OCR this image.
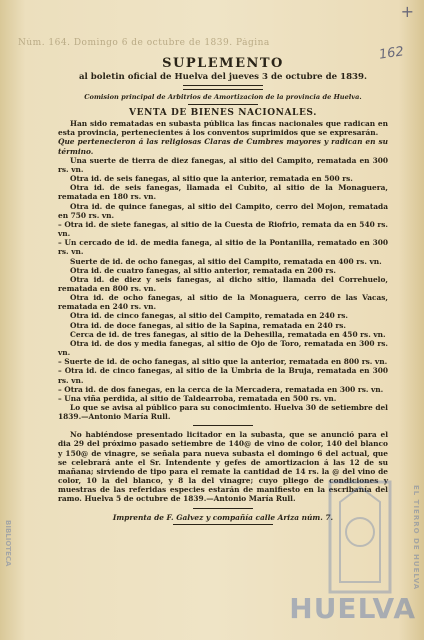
Núm. 164. Domingo 6 de octubre de 1839. Página
+
162
SUPLEMENTO
al boletin oficial de Huelva del jueves 3 de octubre de 1839.
Comision principal de Arbitrios de Amortizacion de la provincia de Huelva.
VENTA DE BIENES NACIONALES.
Han sido rematadas en subasta pública las fincas nacionales que radican en esta provincia, pertenecientes á los conventos suprimidos que se expresarán.
Que pertenecieron á las religiosas Claras de Cumbres mayores y radican en su término.
Una suerte de tierra de diez fanegas, al sitio del Campito, rematada en 300 rs. vn.
Otra id. de seis fanegas, al sitio que la anterior, rematada en 500 rs.
Otra id. de seis fanegas, llamada el Cubito, al sitio de la Monaguera, rematada en 180 rs. vn.
Otra id. de quince fanegas, al sitio del Campito, cerro del Mojon, rematada en 750 rs. vn.
– Otra id. de siete fanegas, al sitio de la Cuesta de Riofrio, remata da en 540 rs. vn.
– Un cercado de id. de media fanega, al sitio de la Pontanilla, rematado en 300 rs. vn.
Suerte de id. de ocho fanegas, al sitio del Campito, rematada en 400 rs. vn.
Otra id. de cuatro fanegas, al sitio anterior, rematada en 200 rs.
Otra id. de diez y seis fanegas, al dicho sitio, llamada del Correhuelo, rematada en 800 rs. vn.
Otra id. de ocho fanegas, al sitio de la Monaguera, cerro de las Vacas, rematada en 240 rs. vn.
Otra id. de cinco fanegas, al sitio del Campito, rematada en 240 rs.
Otra id. de doce fanegas, al sitio de la Sapina, rematada en 240 rs.
Cerca de id. de tres fanegas, al sitio de la Dehesilla, rematada en 450 rs. vn.
Otra id. de dos y media fanegas, al sitio de Ojo de Toro, rematada en 300 rs. vn.
– Suerte de id. de ocho fanegas, al sitio que la anterior, rematada en 800 rs. vn.
– Otra id. de cinco fanegas, al sitio de la Umbria de la Bruja, rematada en 300 rs. vn.
– Otra id. de dos fanegas, en la cerca de la Mercadera, rematada en 300 rs. vn.
– Una viña perdida, al sitio de Taldearroba, rematada en 500 rs. vn.
Lo que se avisa al público para su conocimiento. Huelva 30 de setiembre del 1839.—Antonio María Rull.
No habiéndose presentado licitador en la subasta, que se anunció para el dia 29 del próximo pasado setiembre de 140@ de vino de color, 140 del blanco y 150@ de vinagre, se señala para nueva subasta el domingo 6 del actual, que se celebrará ante el Sr. Intendente y gefes de amortizacion á las 12 de su mañana; sirviendo de tipo para el remate la cantidad de 14 rs. la @ del vino de color, 10 la del blanco, y 8 la del vinagre; cuyo pliego de condiciones y muestras de las referidas especies estarán de manifiesto en la escribanía del ramo. Huelva 5 de octubre de 1839.—Antonio María Rull.
Imprenta de F. Galvez y compañía calle Ariza núm. 7.	EL TIERRO DE HUELVA
BIBLIOTECA
HUELVA
